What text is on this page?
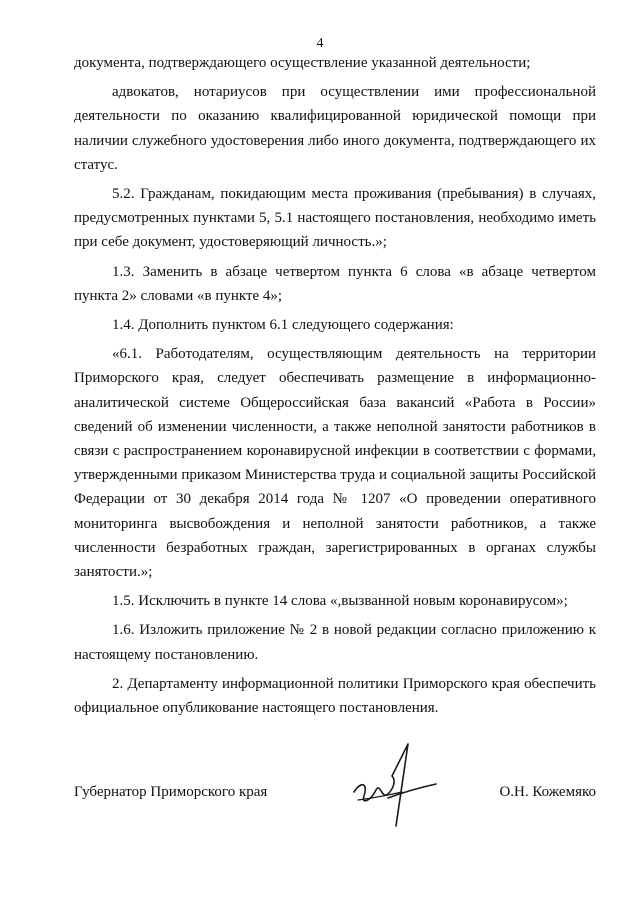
4

документа, подтверждающего осуществление указанной деятельности;

адвокатов, нотариусов при осуществлении ими профессиональной деятельности по оказанию квалифицированной юридической помощи при наличии служебного удостоверения либо иного документа, подтверждающего их статус.

5.2. Гражданам, покидающим места проживания (пребывания) в случаях, предусмотренных пунктами 5, 5.1 настоящего постановления, необходимо иметь при себе документ, удостоверяющий личность.»;

1.3. Заменить в абзаце четвертом пункта 6 слова «в абзаце четвертом пункта 2» словами «в пункте 4»;

1.4. Дополнить пунктом 6.1 следующего содержания:

«6.1. Работодателям, осуществляющим деятельность на территории Приморского края, следует обеспечивать размещение в информационно-аналитической системе Общероссийская база вакансий «Работа в России» сведений об изменении численности, а также неполной занятости работников в связи с распространением коронавирусной инфекции в соответствии с формами, утвержденными приказом Министерства труда и социальной защиты Российской Федерации от 30 декабря 2014 года № 1207 «О проведении оперативного мониторинга высвобождения и неполной занятости работников, а также численности безработных граждан, зарегистрированных в органах службы занятости.»;

1.5. Исключить в пункте 14 слова «,вызванной новым коронавирусом»;

1.6. Изложить приложение № 2 в новой редакции согласно приложению к настоящему постановлению.

2. Департаменту информационной политики Приморского края обеспечить официальное опубликование настоящего постановления.

Губернатор Приморского края	О.Н. Кожемяко
